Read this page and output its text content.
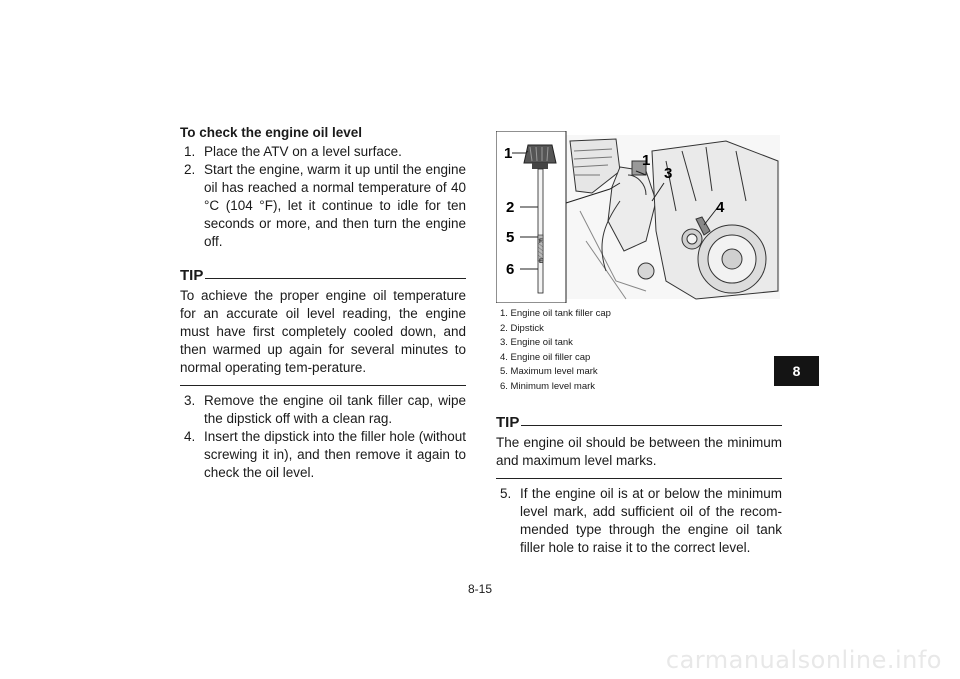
To check the engine oil level

1. Place the ATV on a level surface.
2. Start the engine, warm it up until the engine oil has reached a normal temperature of 40 °C (104 °F), let it continue to idle for ten seconds or more, and then turn the engine off.
TIP

To achieve the proper engine oil temperature for an accurate oil level reading, the engine must have first completely cooled down, and then warmed up again for several minutes to normal operating tem-perature.

3. Remove the engine oil tank filler cap, wipe the dipstick off with a clean rag.
4. Insert the dipstick into the filler hole (without screwing it in), and then remove it again to check the oil level.
1
2
5
6
1
3
4
F
E
1. Engine oil tank filler cap
2. Dipstick
3. Engine oil tank
4. Engine oil filler cap
5. Maximum level mark
6. Minimum level mark
TIP

The engine oil should be between the minimum and maximum level marks.

5. If the engine oil is at or below the minimum level mark, add sufficient oil of the recom-mended type through the engine oil tank filler hole to raise it to the correct level.
8
8-15
carmanualsonline.info
